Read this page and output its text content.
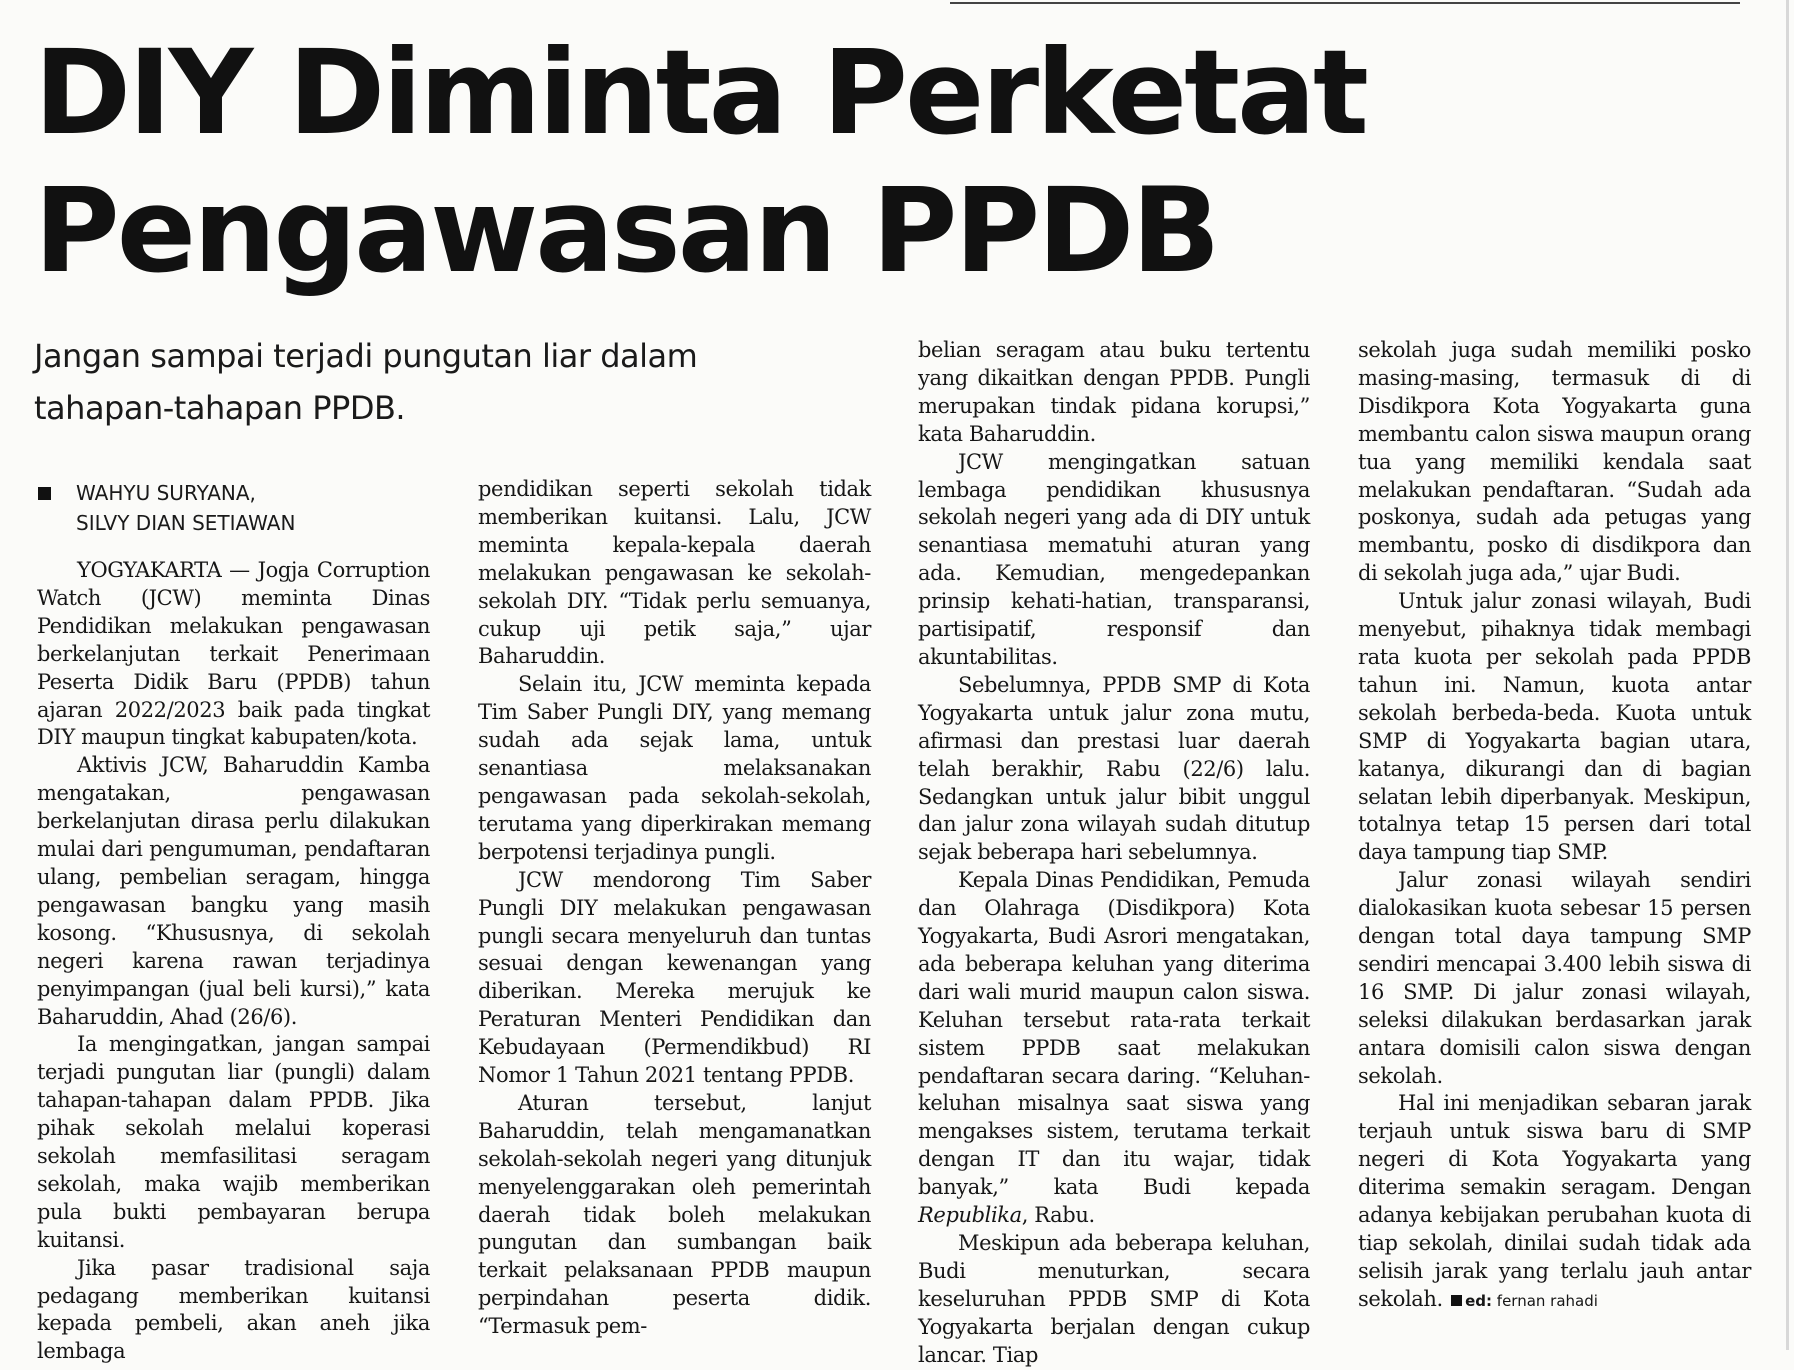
DIY Diminta Perketat
Pengawasan PPDB

Jangan sampai terjadi pungutan liar dalam
tahapan-tahapan PPDB.

WAHYU SURYANA,
SILVY DIAN SETIAWAN

YOGYAKARTA — Jogja Corruption Watch (JCW) meminta Dinas Pendidikan melakukan pengawasan berkelanjutan terkait Penerimaan Peserta Didik Baru (PPDB) tahun ajaran 2022/2023 baik pada tingkat DIY maupun tingkat kabupaten/kota.

Aktivis JCW, Baharuddin Kamba mengatakan, pengawasan berkelanjutan dirasa perlu dilakukan mulai dari pengumuman, pendaftaran ulang, pembelian seragam, hingga pengawasan bangku yang masih kosong. “Khususnya, di sekolah negeri karena rawan terjadinya penyimpangan (jual beli kursi),” kata Baharuddin, Ahad (26/6).

Ia mengingatkan, jangan sampai terjadi pungutan liar (pungli) dalam tahapan-tahapan dalam PPDB. Jika pihak sekolah melalui koperasi sekolah memfasilitasi seragam sekolah, maka wajib memberikan pula bukti pembayaran berupa kuitansi.

Jika pasar tradisional saja pedagang memberikan kuitansi kepada pembeli, akan aneh jika lembaga

pendidikan seperti sekolah tidak memberikan kuitansi. Lalu, JCW meminta kepala-kepala daerah melakukan pengawasan ke sekolah-sekolah DIY. “Tidak perlu semuanya, cukup uji petik saja,” ujar Baharuddin.

Selain itu, JCW meminta kepada Tim Saber Pungli DIY, yang memang sudah ada sejak lama, untuk senantiasa melaksanakan pengawasan pada sekolah-sekolah, terutama yang diperkirakan memang berpotensi terjadinya pungli.

JCW mendorong Tim Saber Pungli DIY melakukan pengawasan pungli secara menyeluruh dan tuntas sesuai dengan kewenangan yang diberikan. Mereka merujuk ke Peraturan Menteri Pendidikan dan Kebudayaan (Permendikbud) RI Nomor 1 Tahun 2021 tentang PPDB.

Aturan tersebut, lanjut Baharuddin, telah mengamanatkan sekolah-sekolah negeri yang ditunjuk menyelenggarakan oleh pemerintah daerah tidak boleh melakukan pungutan dan sumbangan baik terkait pelaksanaan PPDB maupun perpindahan peserta didik. “Termasuk pem-

belian seragam atau buku tertentu yang dikaitkan dengan PPDB. Pungli merupakan tindak pidana korupsi,” kata Baharuddin.

JCW mengingatkan satuan lembaga pendidikan khususnya sekolah negeri yang ada di DIY untuk senantiasa mematuhi aturan yang ada. Kemudian, mengedepankan prinsip kehati-hatian, transparansi, partisipatif, responsif dan akuntabilitas.

Sebelumnya, PPDB SMP di Kota Yogyakarta untuk jalur zona mutu, afirmasi dan prestasi luar daerah telah berakhir, Rabu (22/6) lalu. Sedangkan untuk jalur bibit unggul dan jalur zona wilayah sudah ditutup sejak beberapa hari sebelumnya.

Kepala Dinas Pendidikan, Pemuda dan Olahraga (Disdikpora) Kota Yogyakarta, Budi Asrori mengatakan, ada beberapa keluhan yang diterima dari wali murid maupun calon siswa. Keluhan tersebut rata-rata terkait sistem PPDB saat melakukan pendaftaran secara daring. “Keluhan-keluhan misalnya saat siswa yang mengakses sistem, terutama terkait dengan IT dan itu wajar, tidak banyak,” kata Budi kepada Republika, Rabu.

Meskipun ada beberapa keluhan, Budi menuturkan, secara keseluruhan PPDB SMP di Kota Yogyakarta berjalan dengan cukup lancar. Tiap

sekolah juga sudah memiliki posko masing-masing, termasuk di di Disdikpora Kota Yogyakarta guna membantu calon siswa maupun orang tua yang memiliki kendala saat melakukan pendaftaran. “Sudah ada poskonya, sudah ada petugas yang membantu, posko di disdikpora dan di sekolah juga ada,” ujar Budi.

Untuk jalur zonasi wilayah, Budi menyebut, pihaknya tidak membagi rata kuota per sekolah pada PPDB tahun ini. Namun, kuota antar sekolah berbeda-beda. Kuota untuk SMP di Yogyakarta bagian utara, katanya, dikurangi dan di bagian selatan lebih diperbanyak. Meskipun, totalnya tetap 15 persen dari total daya tampung tiap SMP.

Jalur zonasi wilayah sendiri dialokasikan kuota sebesar 15 persen dengan total daya tampung SMP sendiri mencapai 3.400 lebih siswa di 16 SMP. Di jalur zonasi wilayah, seleksi dilakukan berdasarkan jarak antara domisili calon siswa dengan sekolah.

Hal ini menjadikan sebaran jarak terjauh untuk siswa baru di SMP negeri di Kota Yogyakarta yang diterima semakin seragam. Dengan adanya kebijakan perubahan kuota di tiap sekolah, dinilai sudah tidak ada selisih jarak yang terlalu jauh antar sekolah. ed: fernan rahadi
